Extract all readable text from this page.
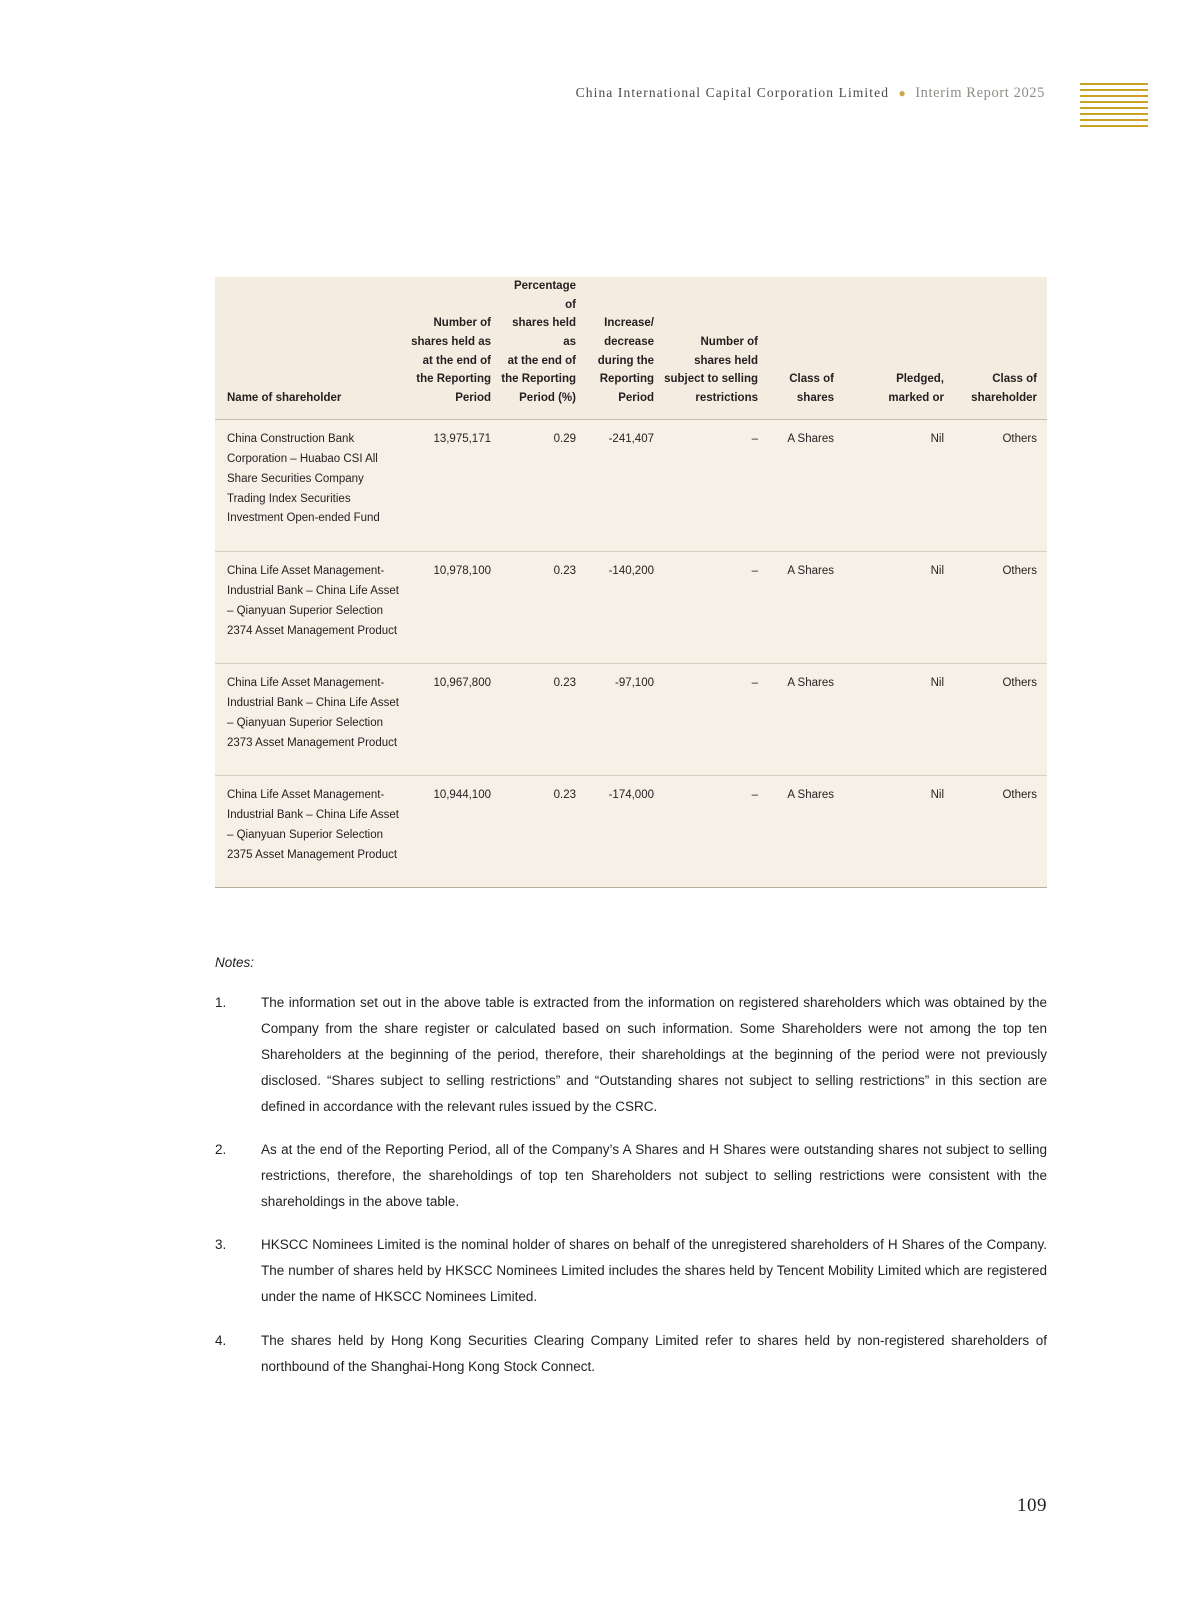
China International Capital Corporation Limited ● Interim Report 2025
Name of shareholder	Number of
shares held as
at the end of
the Reporting
Period	Percentage of
shares held as
at the end of
the Reporting
Period (%)	Increase/
decrease
during the
Reporting
Period	Number of
shares held
subject to selling
restrictions	Class of
shares	Pledged,
marked or	Class of
shareholder
China Construction Bank Corporation – Huabao CSI All Share Securities Company Trading Index Securities Investment Open-ended Fund	13,975,171	0.29	-241,407	–	A Shares	Nil	Others
China Life Asset Management-Industrial Bank – China Life Asset – Qianyuan Superior Selection 2374 Asset Management Product	10,978,100	0.23	-140,200	–	A Shares	Nil	Others
China Life Asset Management-Industrial Bank – China Life Asset – Qianyuan Superior Selection 2373 Asset Management Product	10,967,800	0.23	-97,100	–	A Shares	Nil	Others
China Life Asset Management-Industrial Bank – China Life Asset – Qianyuan Superior Selection 2375 Asset Management Product	10,944,100	0.23	-174,000	–	A Shares	Nil	Others
Notes:
1.	The information set out in the above table is extracted from the information on registered shareholders which was obtained by the Company from the share register or calculated based on such information. Some Shareholders were not among the top ten Shareholders at the beginning of the period, therefore, their shareholdings at the beginning of the period were not previously disclosed. “Shares subject to selling restrictions” and “Outstanding shares not subject to selling restrictions” in this section are defined in accordance with the relevant rules issued by the CSRC.
2.	As at the end of the Reporting Period, all of the Company’s A Shares and H Shares were outstanding shares not subject to selling restrictions, therefore, the shareholdings of top ten Shareholders not subject to selling restrictions were consistent with the shareholdings in the above table.
3.	HKSCC Nominees Limited is the nominal holder of shares on behalf of the unregistered shareholders of H Shares of the Company. The number of shares held by HKSCC Nominees Limited includes the shares held by Tencent Mobility Limited which are registered under the name of HKSCC Nominees Limited.
4.	The shares held by Hong Kong Securities Clearing Company Limited refer to shares held by non-registered shareholders of northbound of the Shanghai-Hong Kong Stock Connect.
109
